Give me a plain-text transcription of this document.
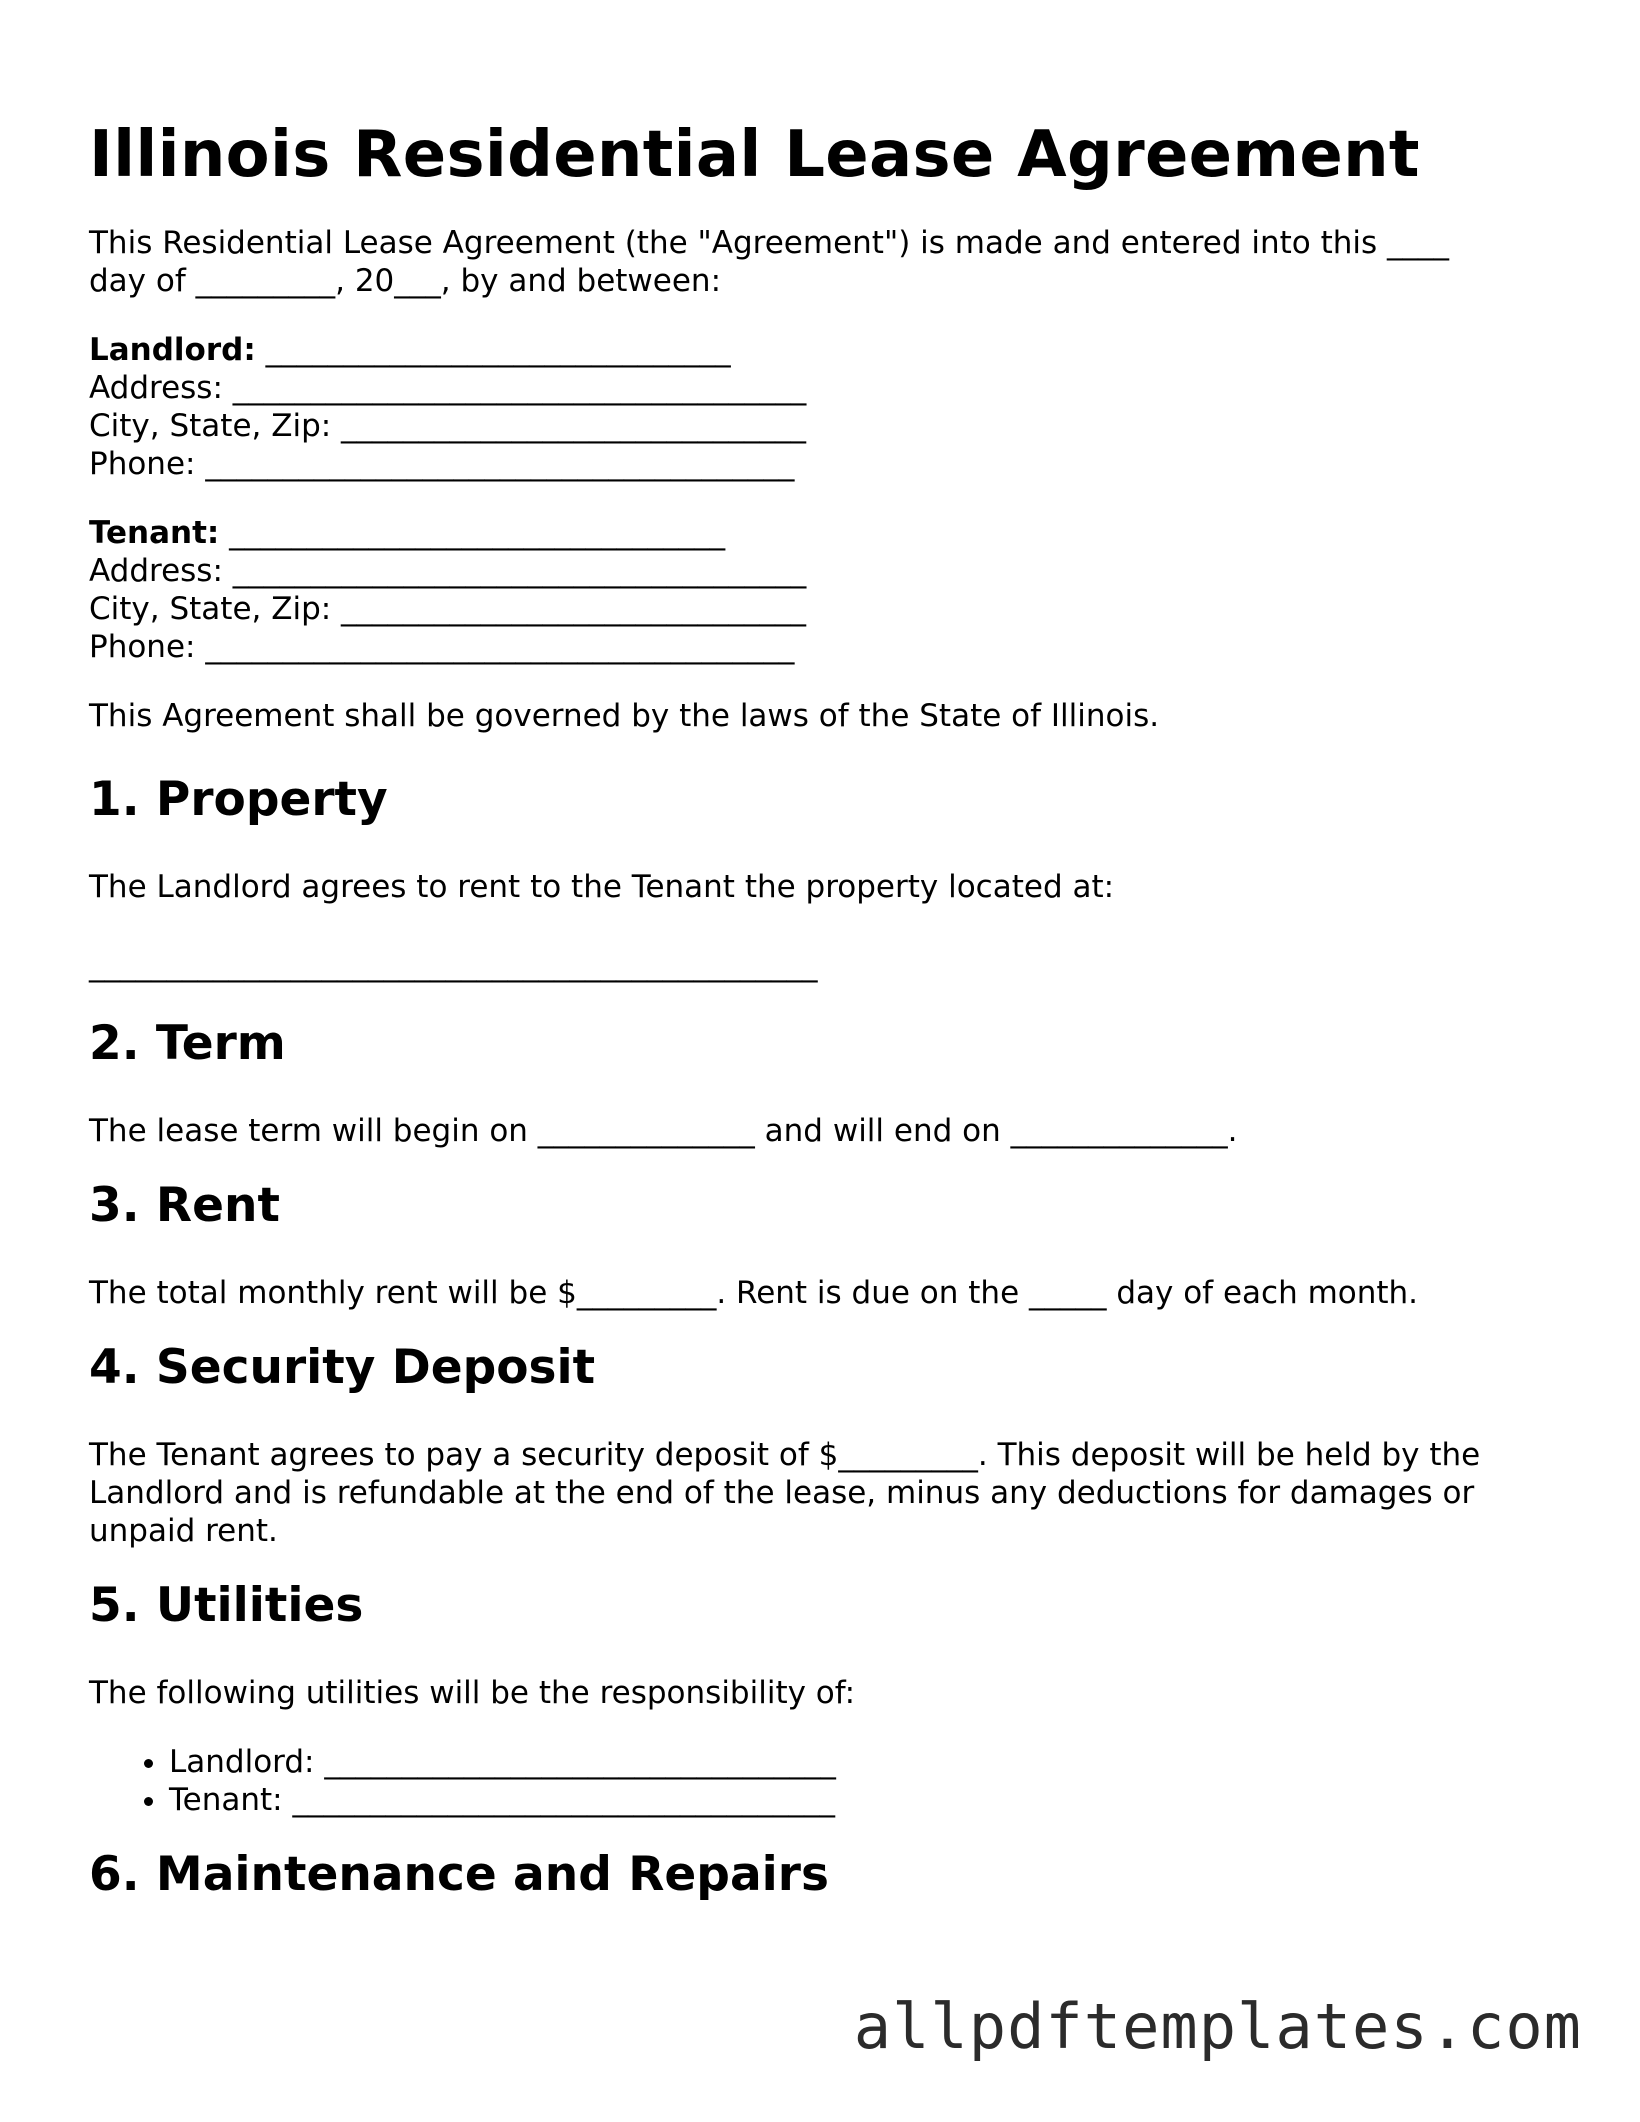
Illinois Residential Lease Agreement
This Residential Lease Agreement (the "Agreement") is made and entered into this ____
day of _________, 20___, by and between:
Landlord: ______________________________
Address: _____________________________________
City, State, Zip: ______________________________
Phone: ______________________________________
Tenant: ________________________________
Address: _____________________________________
City, State, Zip: ______________________________
Phone: ______________________________________

This Agreement shall be governed by the laws of the State of Illinois.

1. Property

The Landlord agrees to rent to the Tenant the property located at:

_______________________________________________

2. Term

The lease term will begin on ______________ and will end on ______________.

3. Rent

The total monthly rent will be $_________. Rent is due on the _____ day of each month.

4. Security Deposit
The Tenant agrees to pay a security deposit of $_________. This deposit will be held by the
Landlord and is refundable at the end of the lease, minus any deductions for damages or
unpaid rent.
5. Utilities

The following utilities will be the responsibility of:

• Landlord: _________________________________
• Tenant: ___________________________________
6. Maintenance and Repairs
allpdftemplates.com
